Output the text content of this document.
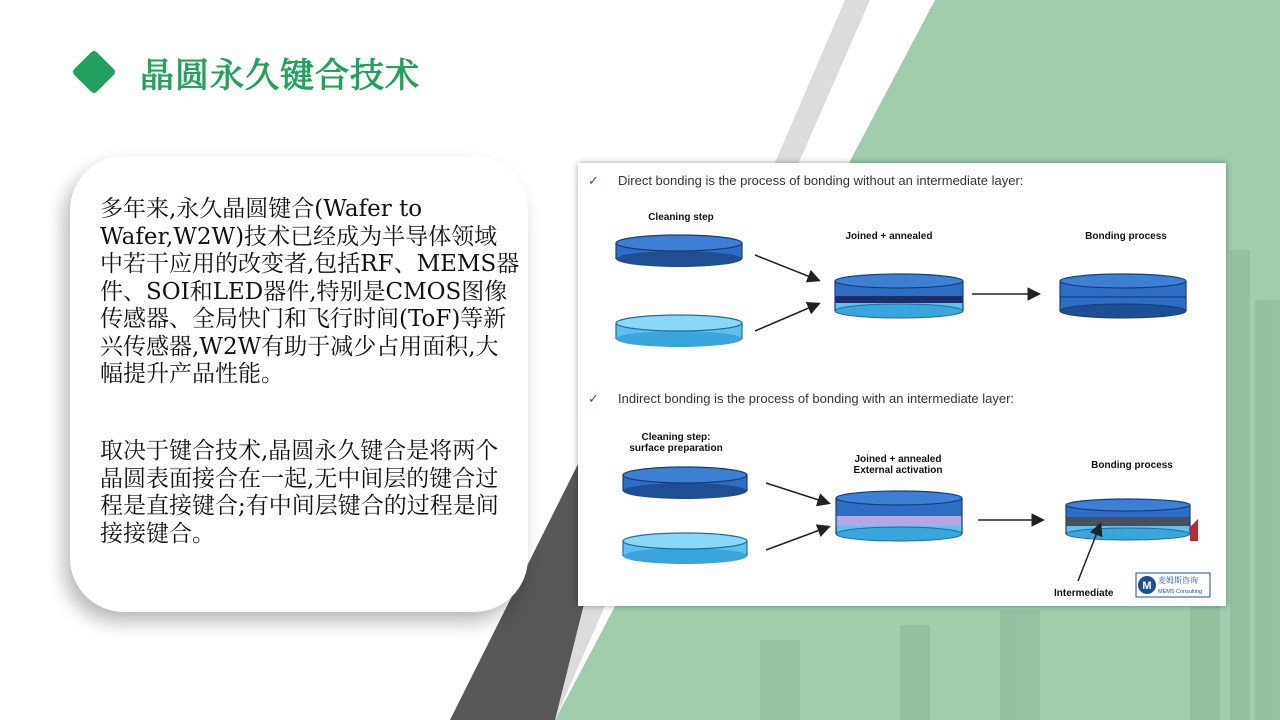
晶圆永久键合技术

多年来,永久晶圆键合(Wafer to Wafer,W2W)技术已经成为半导体领域中若干应用的改变者,包括RF、MEMS器件、SOI和LED器件,特别是CMOS图像传感器、全局快门和飞行时间(ToF)等新兴传感器,W2W有助于减少占用面积,大幅提升产品性能。

取决于键合技术,晶圆永久键合是将两个晶圆表面接合在一起,无中间层的键合过程是直接键合;有中间层键合的过程是间接接键合。

✓ Direct bonding is the process of bonding without an intermediate layer:
Cleaning step
Joined + annealed	Bonding process
✓ Indirect bonding is the process of bonding with an intermediate layer:
Cleaning step:
surface preparation
Joined + annealed
External activation	Bonding process
Intermediate
M 麦姆斯咨询
MEMS Consulting
